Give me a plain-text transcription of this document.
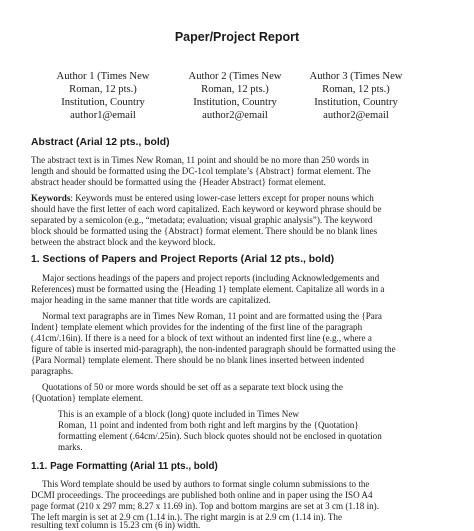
Paper/Project Report
Author 1 (Times New
Roman, 12 pts.)
Institution, Country
author1@email
Author 2 (Times New
Roman, 12 pts.)
Institution, Country
author2@email
Author 3 (Times New
Roman, 12 pts.)
Institution, Country
author2@email
Abstract (Arial 12 pts., bold)
The abstract text is in Times New Roman, 11 point and should be no more than 250 words in
length and should be formatted using the DC-1col template’s {Abstract} format element. The
abstract header should be formatted using the {Header Abstract} format element.
Keywords: Keywords must be entered using lower-case letters except for proper nouns which
should have the first letter of each word capitalized. Each keyword or keyword phrase should be
separated by a semicolon (e.g., “metadata; evaluation; visual graphic analysis”). The keyword
block should be formatted using the {Abstract} format element. There should be no blank lines
between the abstract block and the keyword block.
1. Sections of Papers and Project Reports (Arial 12 pts., bold)
Major sections headings of the papers and project reports (including Acknowledgements and
References) must be formatted using the {Heading 1} template element. Capitalize all words in a
major heading in the same manner that title words are capitalized.
Normal text paragraphs are in Times New Roman, 11 point and are formatted using the {Para
Indent} template element which provides for the indenting of the first line of the paragraph
(.41cm/.16in). If there is a need for a block of text without an indented first line (e.g., where a
figure of table is inserted mid-paragraph), the non-indented paragraph should be formatted using the
{Para Normal} template element. There should be no blank lines inserted between indented
paragraphs.
Quotations of 50 or more words should be set off as a separate text block using the
{Quotation} template element.
This is an example of a block (long) quote included in Times New
Roman, 11 point and indented from both right and left margins by the {Quotation}
formatting element (.64cm/.25in). Such block quotes should not be enclosed in quotation
marks.
1.1. Page Formatting (Arial 11 pts., bold)
This Word template should be used by authors to format single column submissions to the
DCMI proceedings. The proceedings are published both online and in paper using the ISO A4
page format (210 x 297 mm; 8.27 x 11.69 in). Top and bottom margins are set at 3 cm (1.18 in).
The left margin is set at 2.9 cm (1.14 in.). The right margin is at 2.9 cm (1.14 in). The
resulting text column is 15.23 cm (6 in) width.
